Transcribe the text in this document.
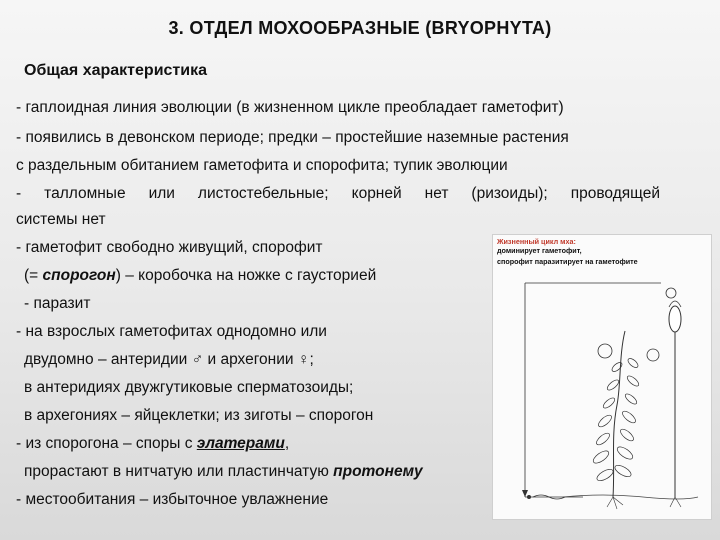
3. ОТДЕЛ МОХООБРАЗНЫЕ (BRYOPHYTA)
Общая характеристика
- гаплоидная линия эволюции (в жизненном цикле преобладает гаметофит)
- появились в девонском периоде; предки – простейшие наземные растения
с раздельным обитанием гаметофита и спорофита; тупик эволюции
- талломные или листостебельные; корней нет (ризоиды); проводящей
системы нет
- гаметофит свободно живущий, спорофит
(= спорогон) – коробочка на ножке с гаусторией
- паразит
- на взрослых гаметофитах однодомно или
двудомно – антеридии ♂ и архегонии ♀;
в антеридиях двужгутиковые сперматозоиды;
в архегониях – яйцеклетки; из зиготы – спорогон
- из спорогона – споры с элатерами,
прорастают в нитчатую или пластинчатую протонему
- местообитания – избыточное увлажнение
Жизненный цикл мха:
доминирует гаметофит,
спорофит паразитирует на гаметофите
